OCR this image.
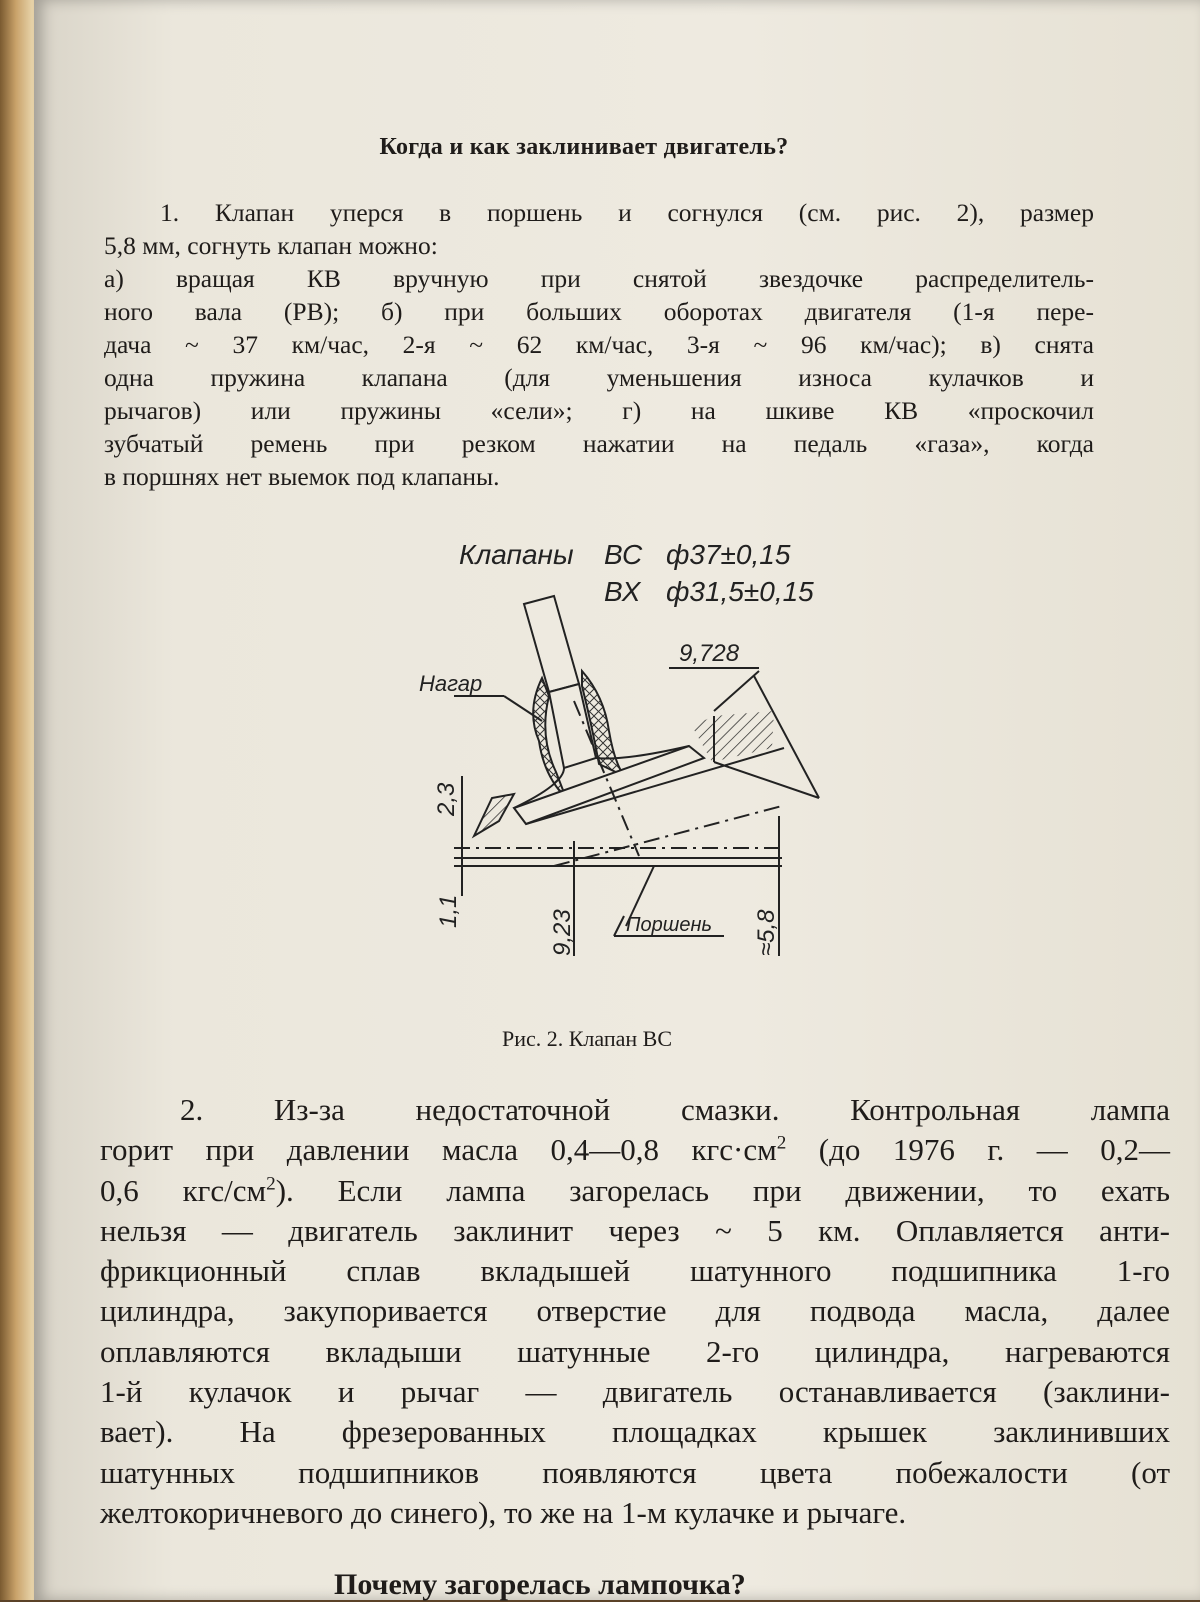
Когда и как заклинивает двигатель?
1. Клапан уперся в поршень и согнулся (см. рис. 2), размер
5,8 мм, согнуть клапан можно:
а) вращая КВ вручную при снятой звездочке распределитель-
ного вала (РВ); б) при больших оборотах двигателя (1-я пере-
дача ~ 37 км/час, 2-я ~ 62 км/час, 3-я ~ 96 км/час); в) снята
одна пружина клапана (для уменьшения износа кулачков и
рычагов) или пружины «сели»; г) на шкиве КВ «проскочил
зубчатый ремень при резком нажатии на педаль «газа», когда
в поршнях нет выемок под клапаны.
Клапаны ВС ф37±0,15
ВХ ф31,5±0,15
Нагар
9,728
Поршень
2,3
1,1	9,23	≈5,8
Рис. 2. Клапан ВС
2. Из-за недостаточной смазки. Контрольная лампа
горит при давлении масла 0,4—0,8 $кгс\cdot см^2$ (до 1976 г. — 0,2—
0,6 кгс/$см^2$). Если лампа загорелась при движении, то ехать
нельзя — двигатель заклинит через ~ 5 км. Оплавляется анти-
фрикционный сплав вкладышей шатунного подшипника 1-го
цилиндра, закупоривается отверстие для подвода масла, далее
оплавляются вкладыши шатунные 2-го цилиндра, нагреваются
1-й кулачок и рычаг — двигатель останавливается (заклини-
вает). На фрезерованных площадках крышек заклинивших
шатунных подшипников появляются цвета побежалости (от
желтокоричневого до синего), то же на 1-м кулачке и рычаге.
Почему загорелась лампочка?
